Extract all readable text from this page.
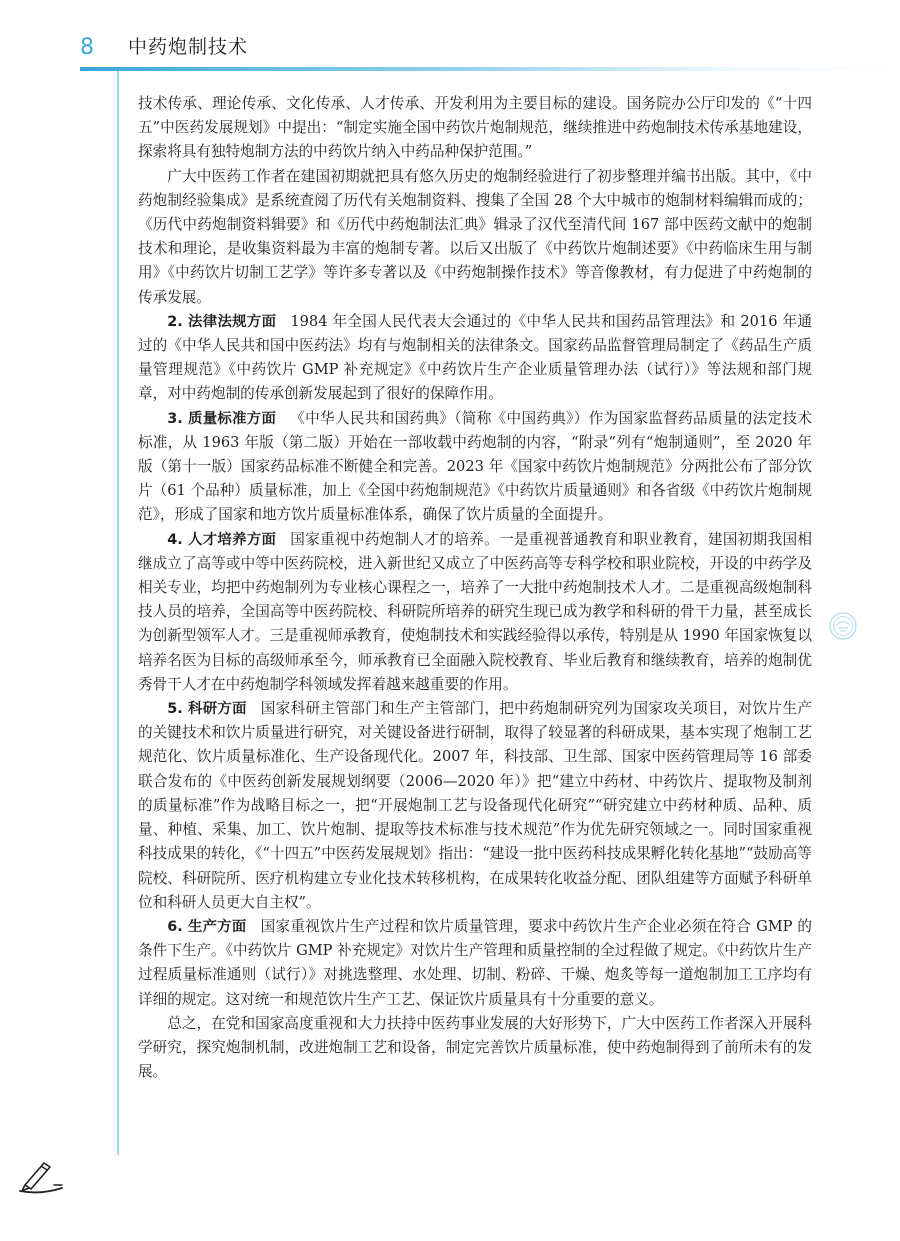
8 中药炮制技术

技术传承、理论传承、文化传承、人才传承、开发利用为主要目标的建设。国务院办公厅印发的《“十四五”中医药发展规划》中提出：“制定实施全国中药饮片炮制规范，继续推进中药炮制技术传承基地建设，探索将具有独特炮制方法的中药饮片纳入中药品种保护范围。”

广大中医药工作者在建国初期就把具有悠久历史的炮制经验进行了初步整理并编书出版。其中，《中药炮制经验集成》是系统查阅了历代有关炮制资料、搜集了全国 28 个大中城市的炮制材料编辑而成的；《历代中药炮制资料辑要》和《历代中药炮制法汇典》辑录了汉代至清代间 167 部中医药文献中的炮制技术和理论，是收集资料最为丰富的炮制专著。以后又出版了《中药饮片炮制述要》《中药临床生用与制用》《中药饮片切制工艺学》等许多专著以及《中药炮制操作技术》等音像教材，有力促进了中药炮制的传承发展。

2. 法律法规方面 1984 年全国人民代表大会通过的《中华人民共和国药品管理法》和 2016 年通过的《中华人民共和国中医药法》均有与炮制相关的法律条文。国家药品监督管理局制定了《药品生产质量管理规范》《中药饮片 GMP 补充规定》《中药饮片生产企业质量管理办法（试行）》等法规和部门规章，对中药炮制的传承创新发展起到了很好的保障作用。

3. 质量标准方面 《中华人民共和国药典》（简称《中国药典》）作为国家监督药品质量的法定技术标准，从 1963 年版（第二版）开始在一部收载中药炮制的内容，“附录”列有“炮制通则”，至 2020 年版（第十一版）国家药品标准不断健全和完善。2023 年《国家中药饮片炮制规范》分两批公布了部分饮片（61 个品种）质量标准，加上《全国中药炮制规范》《中药饮片质量通则》和各省级《中药饮片炮制规范》，形成了国家和地方饮片质量标准体系，确保了饮片质量的全面提升。

4. 人才培养方面 国家重视中药炮制人才的培养。一是重视普通教育和职业教育，建国初期我国相继成立了高等或中等中医药院校，进入新世纪又成立了中医药高等专科学校和职业院校，开设的中药学及相关专业，均把中药炮制列为专业核心课程之一，培养了一大批中药炮制技术人才。二是重视高级炮制科技人员的培养，全国高等中医药院校、科研院所培养的研究生现已成为教学和科研的骨干力量，甚至成长为创新型领军人才。三是重视师承教育，使炮制技术和实践经验得以承传，特别是从 1990 年国家恢复以培养名医为目标的高级师承至今，师承教育已全面融入院校教育、毕业后教育和继续教育，培养的炮制优秀骨干人才在中药炮制学科领域发挥着越来越重要的作用。

5. 科研方面 国家科研主管部门和生产主管部门，把中药炮制研究列为国家攻关项目，对饮片生产的关键技术和饮片质量进行研究，对关键设备进行研制，取得了较显著的科研成果，基本实现了炮制工艺规范化、饮片质量标准化、生产设备现代化。2007 年，科技部、卫生部、国家中医药管理局等 16 部委联合发布的《中医药创新发展规划纲要（2006—2020 年）》把“建立中药材、中药饮片、提取物及制剂的质量标准”作为战略目标之一，把“开展炮制工艺与设备现代化研究”“研究建立中药材种质、品种、质量、种植、采集、加工、饮片炮制、提取等技术标准与技术规范”作为优先研究领域之一。同时国家重视科技成果的转化，《“十四五”中医药发展规划》指出：“建设一批中医药科技成果孵化转化基地”“鼓励高等院校、科研院所、医疗机构建立专业化技术转移机构，在成果转化收益分配、团队组建等方面赋予科研单位和科研人员更大自主权”。

6. 生产方面 国家重视饮片生产过程和饮片质量管理，要求中药饮片生产企业必须在符合 GMP 的条件下生产。《中药饮片 GMP 补充规定》对饮片生产管理和质量控制的全过程做了规定。《中药饮片生产过程质量标准通则（试行）》对挑选整理、水处理、切制、粉碎、干燥、炮炙等每一道炮制加工工序均有详细的规定。这对统一和规范饮片生产工艺、保证饮片质量具有十分重要的意义。

总之，在党和国家高度重视和大力扶持中医药事业发展的大好形势下，广大中医药工作者深入开展科学研究，探究炮制机制，改进炮制工艺和设备，制定完善饮片质量标准，使中药炮制得到了前所未有的发展。
